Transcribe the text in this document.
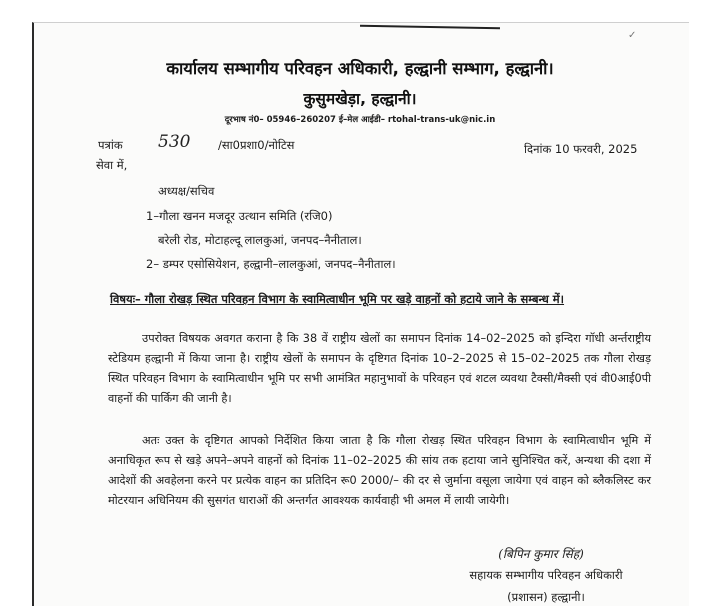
✓
कार्यालय सम्भागीय परिवहन अधिकारी, हल्द्वानी सम्भाग, हल्द्वानी।
कुसुमखेड़ा, हल्द्वानी।
दूरभाष नं0– 05946–260207 ई–मेल आईडी– rtohal-trans-uk@nic.in
पत्रांक 530 /सा0प्रशा0/नोटिस	दिनांक 10 फरवरी, 2025
सेवा में,
अध्यक्ष/सचिव
1–गौला खनन मजदूर उत्थान समिति (रजि0)
बरेली रोड, मोटाहल्दू लालकुआं, जनपद–नैनीताल।
2– डम्पर एसोसियेशन, हल्द्वानी–लालकुआं, जनपद–नैनीताल।
विषयः– गौला रोखड़ स्थित परिवहन विभाग के स्वामित्वाधीन भूमि पर खड़े वाहनों को हटाये जाने के सम्बन्ध में।
उपरोक्त विषयक अवगत कराना है कि 38 वें राष्ट्रीय खेलों का समापन दिनांक 14–02–2025 को इन्दिरा गॉधी अर्न्तराष्ट्रीय स्टेडियम हल्द्वानी में किया जाना है। राष्ट्रीय खेलों के समापन के दृष्टिगत दिनांक 10–2–2025 से 15–02–2025 तक गौला रोखड़ स्थित परिवहन विभाग के स्वामित्वाधीन भूमि पर सभी आमंत्रित महानुभावों के परिवहन एवं शटल व्यवथा टैक्सी/मैक्सी एवं वी0आई0पी वाहनों की पार्किग की जानी है।
अतः उक्त के दृष्टिगत आपको निर्देशित किया जाता है कि गौला रोखड़ स्थित परिवहन विभाग के स्वामित्वाधीन भूमि में अनाधिकृत रूप से खड़े अपने–अपने वाहनों को दिनांक 11–02–2025 की सांय तक हटाया जाने सुनिश्चित करें, अन्यथा की दशा में आदेशों की अवहेलना करने पर प्रत्येक वाहन का प्रतिदिन रू0 2000/– की दर से जुर्माना वसूला जायेगा एवं वाहन को ब्लैकलिस्ट कर मोटरयान अधिनियम की सुसगंत धाराओं की अन्तर्गत आवश्यक कार्यवाही भी अमल में लायी जायेगी।
(बिपिन कुमार सिंह)
सहायक सम्भागीय परिवहन अधिकारी
(प्रशासन) हल्द्वानी।
